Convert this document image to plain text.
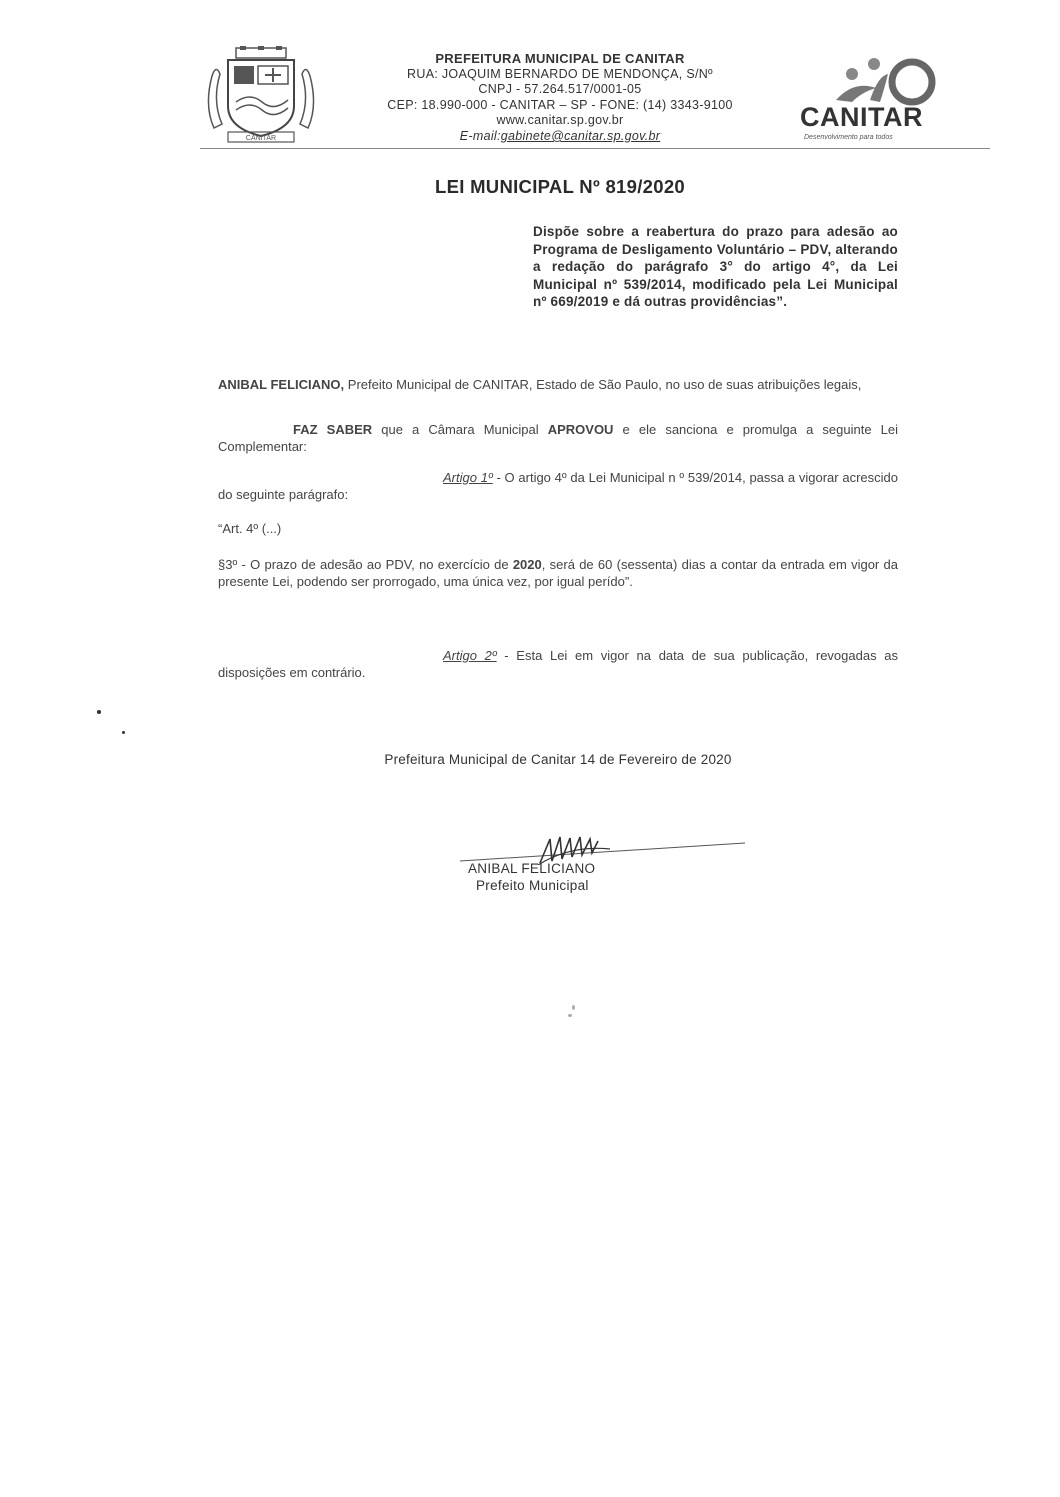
CANITAR
PREFEITURA MUNICIPAL DE CANITAR
RUA: JOAQUIM BERNARDO DE MENDONÇA, S/Nº
CNPJ - 57.264.517/0001-05
CEP: 18.990-000 - CANITAR – SP - FONE: (14) 3343-9100
www.canitar.sp.gov.br
E-mail:gabinete@canitar.sp.gov.br
CANITAR
Desenvolvimento para todos
LEI MUNICIPAL Nº 819/2020
Dispõe sobre a reabertura do prazo para adesão ao Programa de Desligamento Voluntário – PDV, alterando a redação do parágrafo 3° do artigo 4°, da Lei Municipal nº 539/2014, modificado pela Lei Municipal nº 669/2019 e dá outras providências”.
ANIBAL FELICIANO, Prefeito Municipal de CANITAR, Estado de São Paulo, no uso de suas atribuições legais,
FAZ SABER que a Câmara Municipal APROVOU e ele sanciona e promulga a seguinte Lei Complementar:
Artigo 1º - O artigo 4º da Lei Municipal n º 539/2014, passa a vigorar acrescido do seguinte parágrafo:
“Art. 4º (...)
§3º - O prazo de adesão ao PDV, no exercício de 2020, será de 60 (sessenta) dias a contar da entrada em vigor da presente Lei, podendo ser prorrogado, uma única vez, por igual perído”.
Artigo 2º - Esta Lei em vigor na data de sua publicação, revogadas as disposições em contrário.
Prefeitura Municipal de Canitar 14 de Fevereiro de 2020
ANIBAL FELICIANO
Prefeito Municipal
